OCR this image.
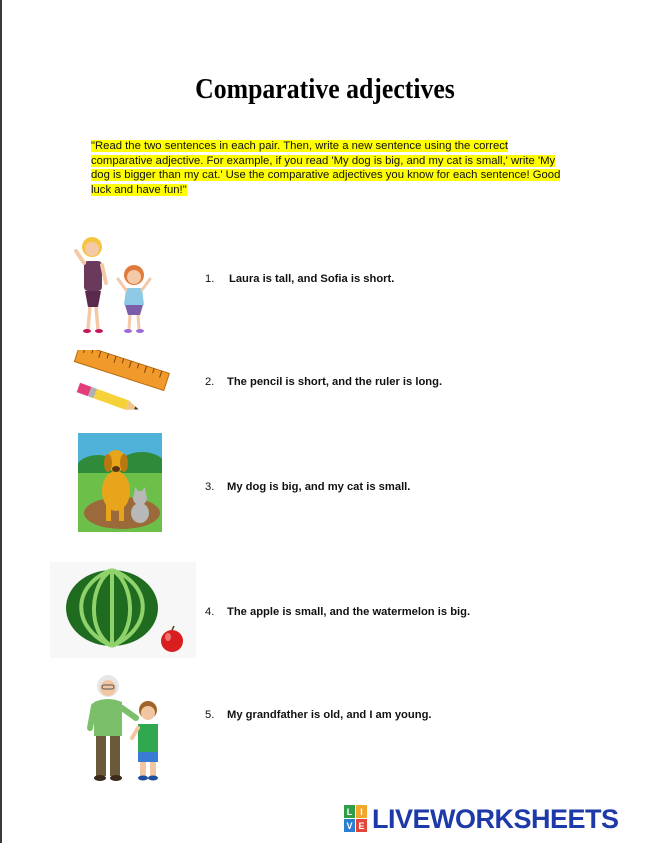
Comparative adjectives
"Read the two sentences in each pair. Then, write a new sentence using the correct comparative adjective. For example, if you read 'My dog is big, and my cat is small,' write 'My dog is bigger than my cat.' Use the comparative adjectives you know for each sentence! Good luck and have fun!"
1. Laura is tall, and Sofia is short.
2. The pencil is short, and the ruler is long.
3. My dog is big, and my cat is small.
4. The apple is small, and the watermelon is big.
5. My grandfather is old, and I am young.
L I
V E LIVEWORKSHEETS
